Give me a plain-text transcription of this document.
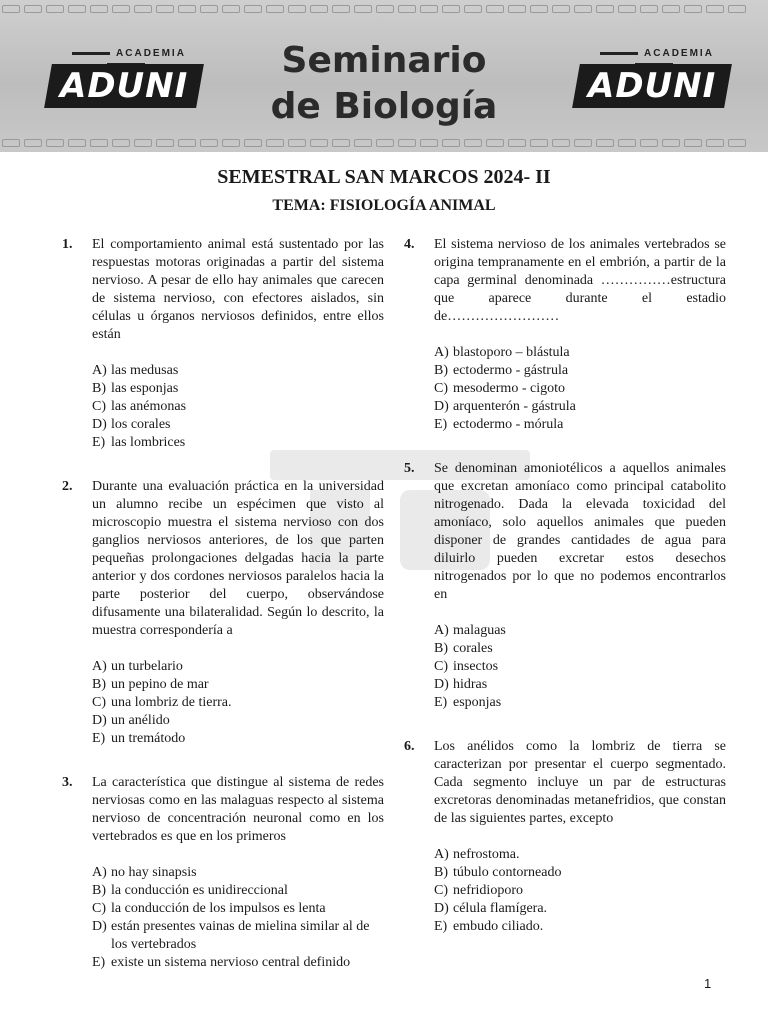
ACADEMIA
ADUNI
Seminario
de Biología
ACADEMIA
ADUNI
SEMESTRAL SAN MARCOS 2024- II
TEMA: FISIOLOGÍA ANIMAL
1.	El comportamiento animal está sustentado por las respuestas motoras originadas a partir del sistema nervioso. A pesar de ello hay animales que carecen de sistema nervioso, con efectores aislados, sin células u órganos nerviosos definidos, entre ellos están
A) las medusas
B) las esponjas
C) las anémonas
D) los corales
E) las lombrices
2.	Durante una evaluación práctica en la universidad un alumno recibe un espécimen que visto al microscopio muestra el sistema nervioso con dos ganglios nerviosos anteriores, de los que parten pequeñas prolongaciones delgadas hacia la parte anterior y dos cordones nerviosos paralelos hacia la parte posterior del cuerpo, observándose difusamente una bilateralidad. Según lo descrito, la muestra correspondería a
A) un turbelario
B) un pepino de mar
C) una lombriz de tierra.
D) un anélido
E) un tremátodo
3.	La característica que distingue al sistema de redes nerviosas como en las malaguas respecto al sistema nervioso de concentración neuronal como en los vertebrados es que en los primeros
A) no hay sinapsis
B) la conducción es unidireccional
C) la conducción de los impulsos es lenta
D) están presentes vainas de mielina similar al de los vertebrados
E) existe un sistema nervioso central definido
4.	El sistema nervioso de los animales vertebrados se origina tempranamente en el embrión, a partir de la capa germinal denominada ……………estructura que aparece durante el estadio de……………………
A) blastoporo – blástula
B) ectodermo - gástrula
C) mesodermo - cigoto
D) arquenterón - gástrula
E) ectodermo - mórula
5.	Se denominan amoniotélicos a aquellos animales que excretan amoníaco como principal catabolito nitrogenado. Dada la elevada toxicidad del amoníaco, solo aquellos animales que pueden disponer de grandes cantidades de agua para diluirlo pueden excretar estos desechos nitrogenados por lo que no podemos encontrarlos en
A) malaguas
B) corales
C) insectos
D) hidras
E) esponjas
6.	Los anélidos como la lombriz de tierra se caracterizan por presentar el cuerpo segmentado. Cada segmento incluye un par de estructuras excretoras denominadas metanefridios, que constan de las siguientes partes, excepto
A) nefrostoma.
B) túbulo contorneado
C) nefridioporo
D) célula flamígera.
E) embudo ciliado.
1
